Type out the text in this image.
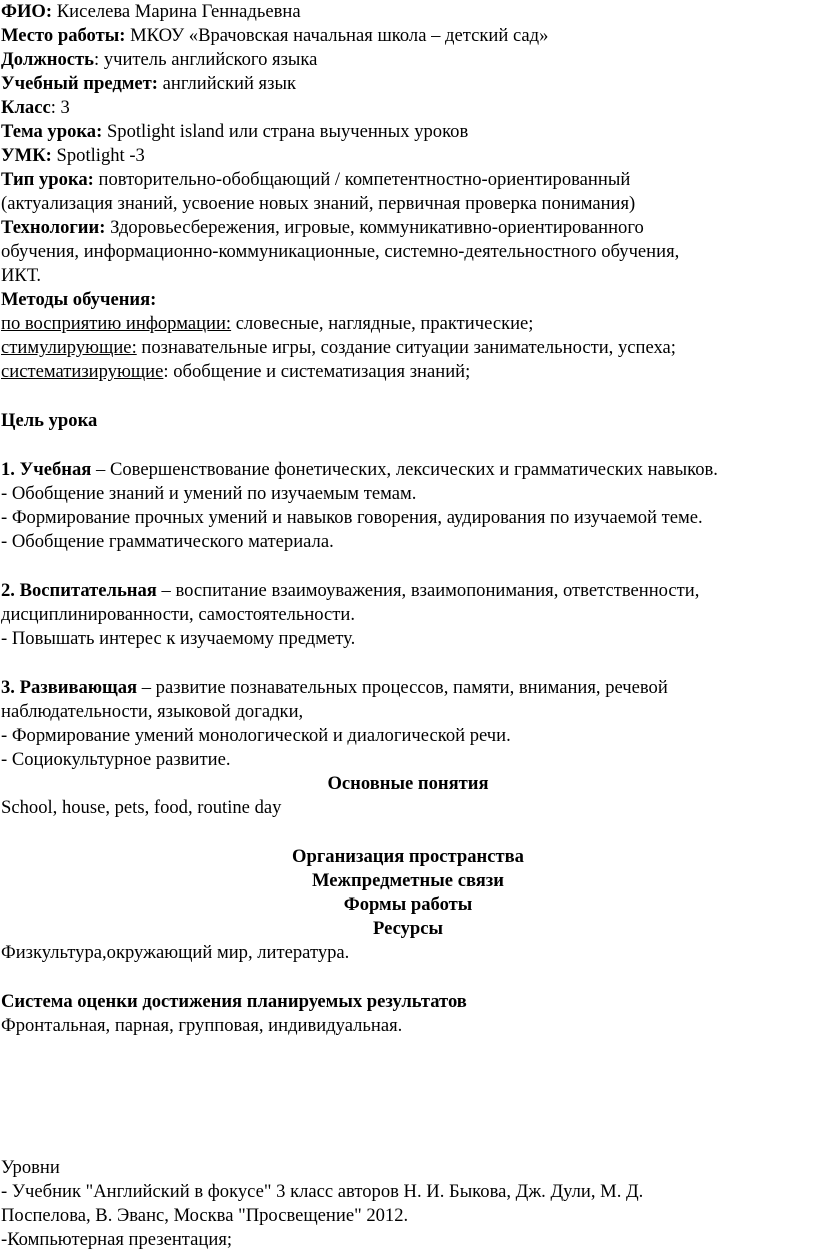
ФИО: Киселева Марина Геннадьевна
Место работы: МКОУ «Врачовская начальная школа – детский сад»
Должность: учитель английского языка
Учебный предмет: английский язык
Класс: 3
Тема урока: Spotlight island или страна выученных уроков
УМК: Spotlight -3
Тип урока: повторительно-обобщающий / компетентностно-ориентированный
(актуализация знаний, усвоение новых знаний, первичная проверка понимания)
Технологии: Здоровьесбережения, игровые, коммуникативно-ориентированного
обучения, информационно-коммуникационные, системно-деятельностного обучения,
ИКТ.
Методы обучения:
по восприятию информации: словесные, наглядные, практические;
стимулирующие: познавательные игры, создание ситуации занимательности, успеха;
систематизирующие: обобщение и систематизация знаний;
Цель урока
1. Учебная – Совершенствование фонетических, лексических и грамматических навыков.
- Обобщение знаний и умений по изучаемым темам.
- Формирование прочных умений и навыков говорения, аудирования по изучаемой теме.
- Обобщение грамматического материала.
2. Воспитательная – воспитание взаимоуважения, взаимопонимания, ответственности,
дисциплинированности, самостоятельности.
- Повышать интерес к изучаемому предмету.
3. Развивающая – развитие познавательных процессов, памяти, внимания, речевой
наблюдательности, языковой догадки,
- Формирование умений монологической и диалогической речи.
- Социокультурное развитие.
Основные понятия
School, house, pets, food, routine day
Организация пространства
Межпредметные связи
Формы работы
Ресурсы
Физкультура,окружающий мир, литература.
Система оценки достижения планируемых результатов
Фронтальная, парная, групповая, индивидуальная.
Уровни
- Учебник "Английский в фокусе" 3 класс авторов Н. И. Быкова, Дж. Дули, М. Д.
Поспелова, В. Эванс, Москва "Просвещение" 2012.
-Компьютерная презентация;
